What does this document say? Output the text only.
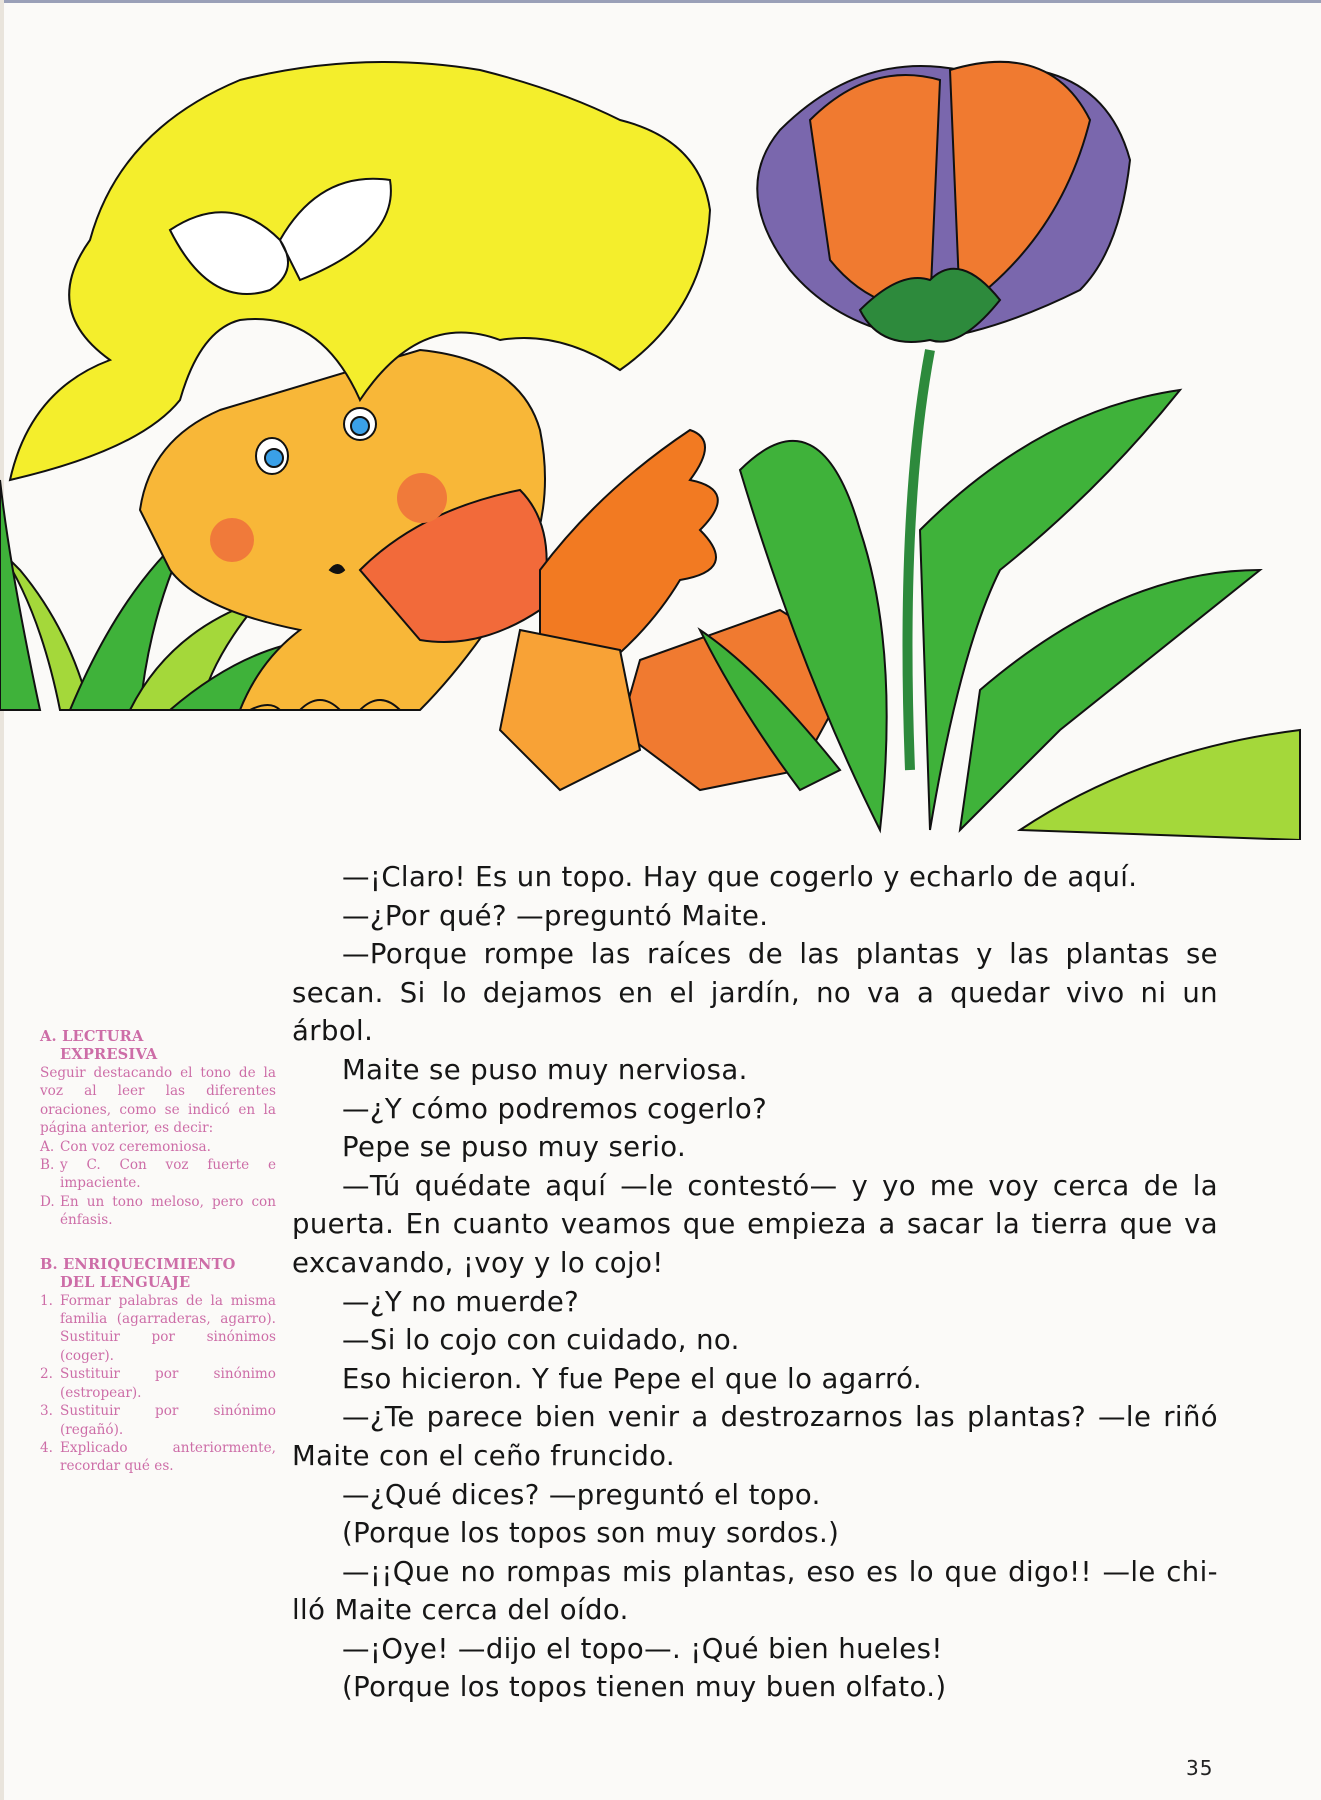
A. LECTURA
EXPRESIVA

Seguir destacando el tono de la voz al leer las diferentes oraciones, como se indicó en la página anterior, es decir:

A. Con voz ceremoniosa.
B. y C. Con voz fuerte e impaciente.
D. En un tono meloso, pero con énfasis.
B. ENRIQUECIMIENTO
DEL LENGUAJE
1. Formar palabras de la misma familia (agarraderas, agarro). Sustituir por sinónimos (coger).
2. Sustituir por sinónimo (estropear).
3. Sustituir por sinónimo (regañó).
4. Explicado anteriormente, recordar qué es.
—¡Claro! Es un topo. Hay que cogerlo y echarlo de aquí.
—¿Por qué? —preguntó Maite.
—Porque rompe las raíces de las plantas y las plantas se
secan. Si lo dejamos en el jardín, no va a quedar vivo ni un
árbol.
Maite se puso muy nerviosa.
—¿Y cómo podremos cogerlo?
Pepe se puso muy serio.
—Tú quédate aquí —le contestó— y yo me voy cerca de la
puerta. En cuanto veamos que empieza a sacar la tierra que va
excavando, ¡voy y lo cojo!
—¿Y no muerde?
—Si lo cojo con cuidado, no.
Eso hicieron. Y fue Pepe el que lo agarró.
—¿Te parece bien venir a destrozarnos las plantas? —le riñó
Maite con el ceño fruncido.
—¿Qué dices? —preguntó el topo.
(Porque los topos son muy sordos.)
—¡¡Que no rompas mis plantas, eso es lo que digo!! —le chi-
lló Maite cerca del oído.
—¡Oye! —dijo el topo—. ¡Qué bien hueles!
(Porque los topos tienen muy buen olfato.)
35
